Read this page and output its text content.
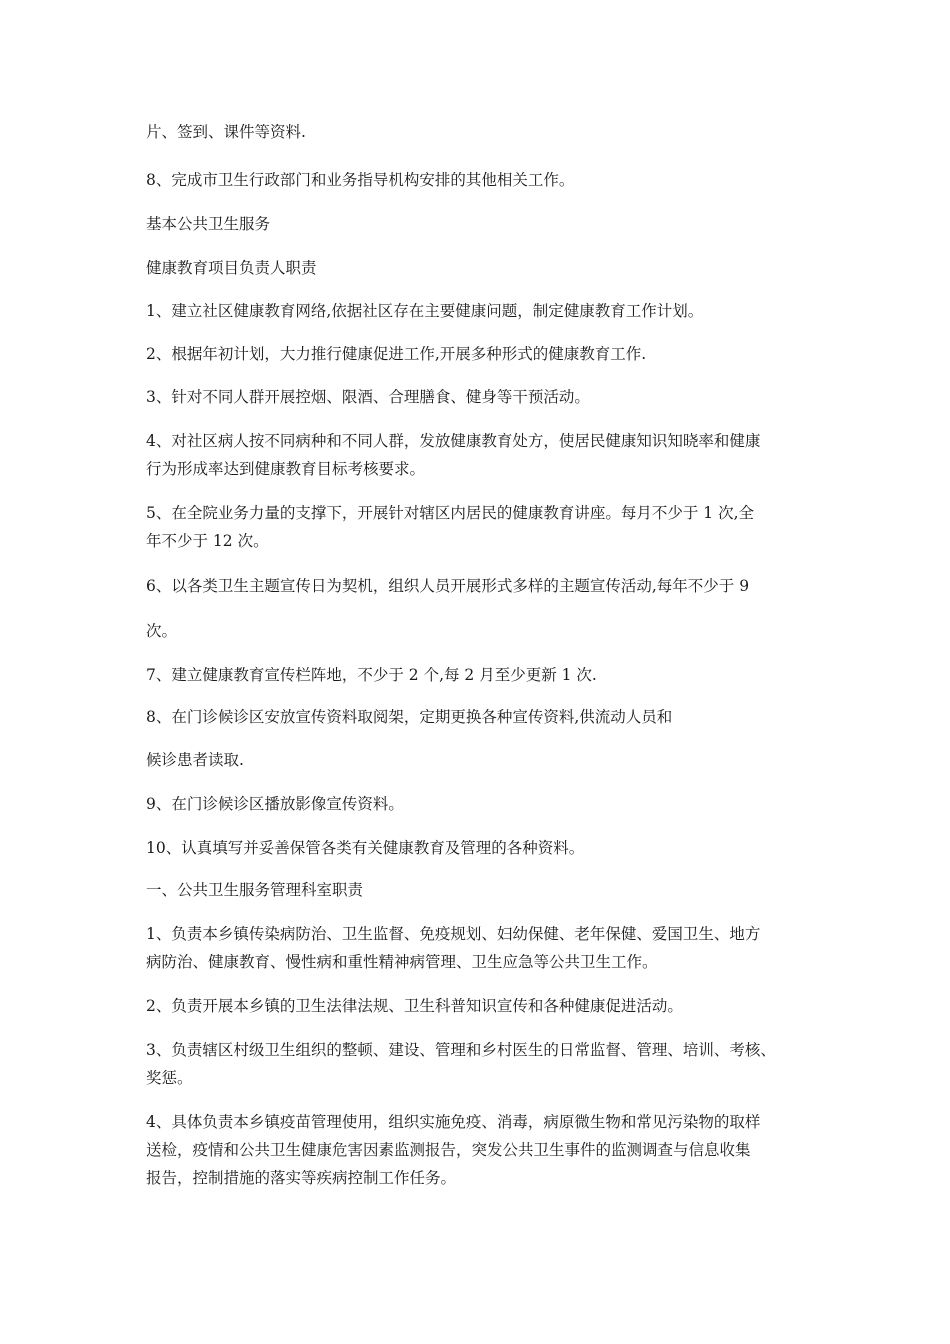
片、签到、课件等资料.

8、完成市卫生行政部门和业务指导机构安排的其他相关工作。

基本公共卫生服务

健康教育项目负责人职责

1、建立社区健康教育网络,依据社区存在主要健康问题，制定健康教育工作计划。

2、根据年初计划，大力推行健康促进工作,开展多种形式的健康教育工作.

3、针对不同人群开展控烟、限酒、合理膳食、健身等干预活动。

4、对社区病人按不同病种和不同人群，发放健康教育处方，使居民健康知识知晓率和健康
行为形成率达到健康教育目标考核要求。

5、在全院业务力量的支撑下，开展针对辖区内居民的健康教育讲座。每月不少于 1 次,全
年不少于 12 次。

6、以各类卫生主题宣传日为契机，组织人员开展形式多样的主题宣传活动,每年不少于 9

次。

7、建立健康教育宣传栏阵地，不少于 2 个,每 2 月至少更新 1 次.

8、在门诊候诊区安放宣传资料取阅架，定期更换各种宣传资料,供流动人员和

候诊患者读取.

9、在门诊候诊区播放影像宣传资料。

10、认真填写并妥善保管各类有关健康教育及管理的各种资料。

一、公共卫生服务管理科室职责

1、负责本乡镇传染病防治、卫生监督、免疫规划、妇幼保健、老年保健、爱国卫生、地方
病防治、健康教育、慢性病和重性精神病管理、卫生应急等公共卫生工作。

2、负责开展本乡镇的卫生法律法规、卫生科普知识宣传和各种健康促进活动。

3、负责辖区村级卫生组织的整顿、建设、管理和乡村医生的日常监督、管理、培训、考核、
奖惩。

4、具体负责本乡镇疫苗管理使用，组织实施免疫、消毒，病原微生物和常见污染物的取样
送检，疫情和公共卫生健康危害因素监测报告，突发公共卫生事件的监测调查与信息收集
报告，控制措施的落实等疾病控制工作任务。
